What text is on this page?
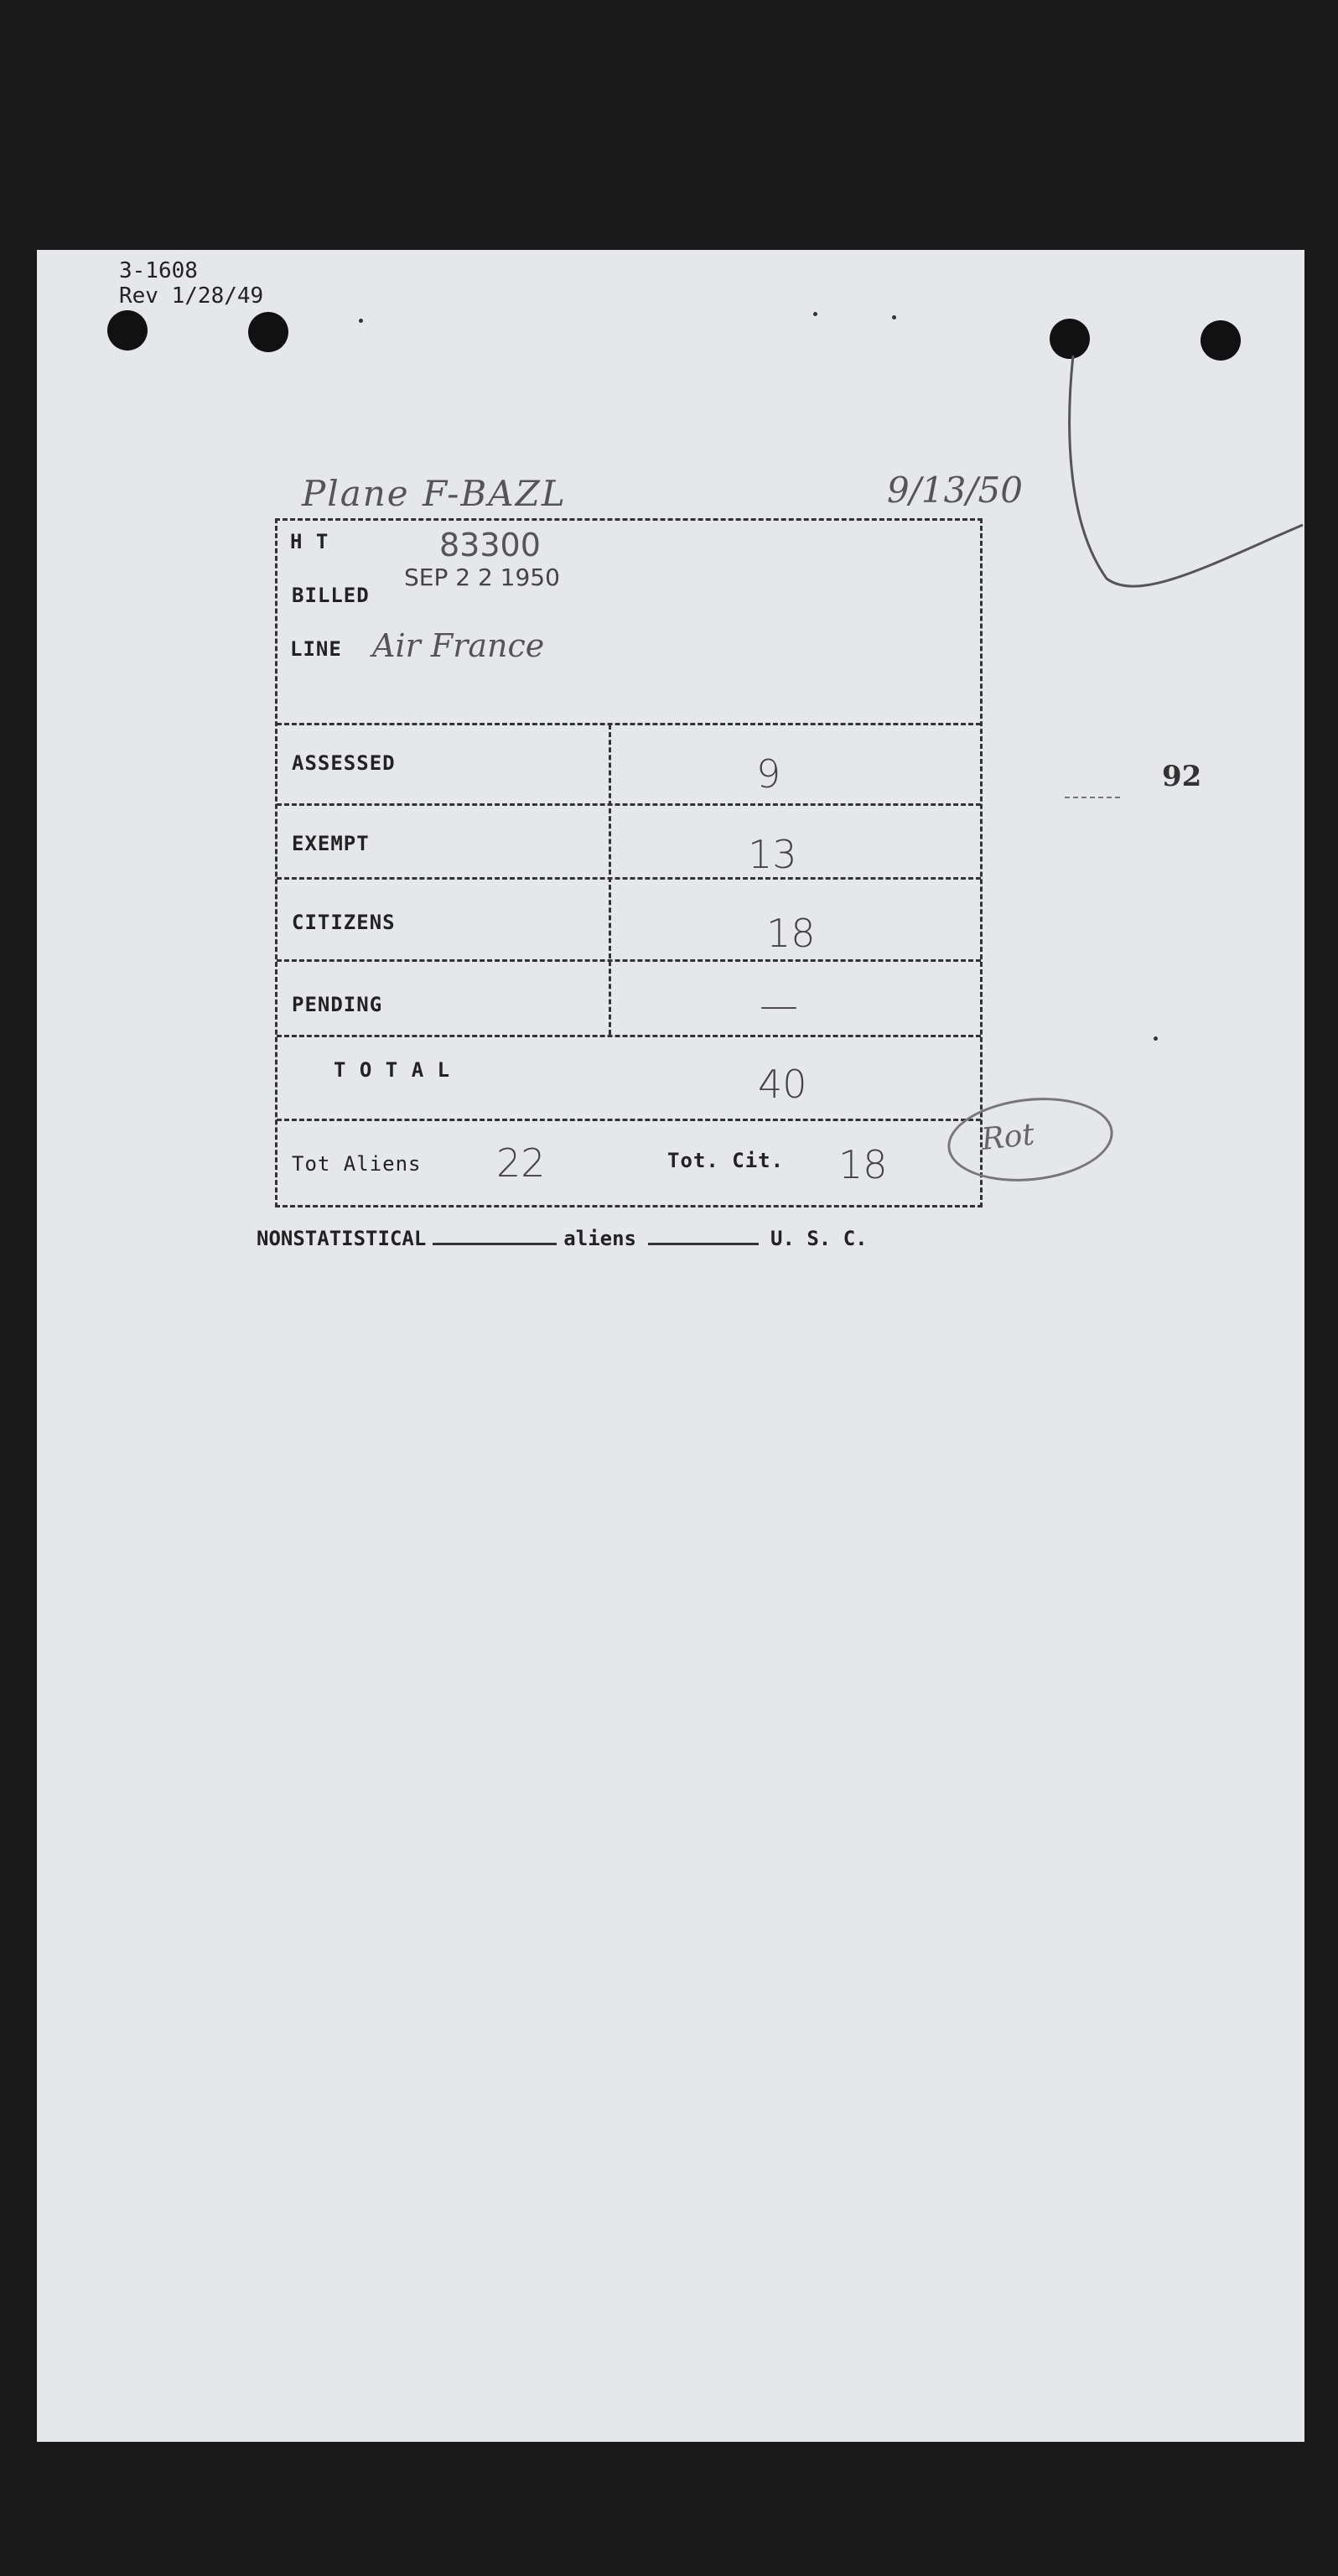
3-1608
Rev 1/28/49
Plane F-BAZL	9/13/50
H T	83300
BILLED
SEP 2 2 1950
LINE Air France
ASSESSED	9
EXEMPT	13
CITIZENS	18
PENDING	—
T O T A L	40
Tot Aliens 22	Tot. Cit. 18
Rot
92
NONSTATISTICAL	aliens	U. S. C.
